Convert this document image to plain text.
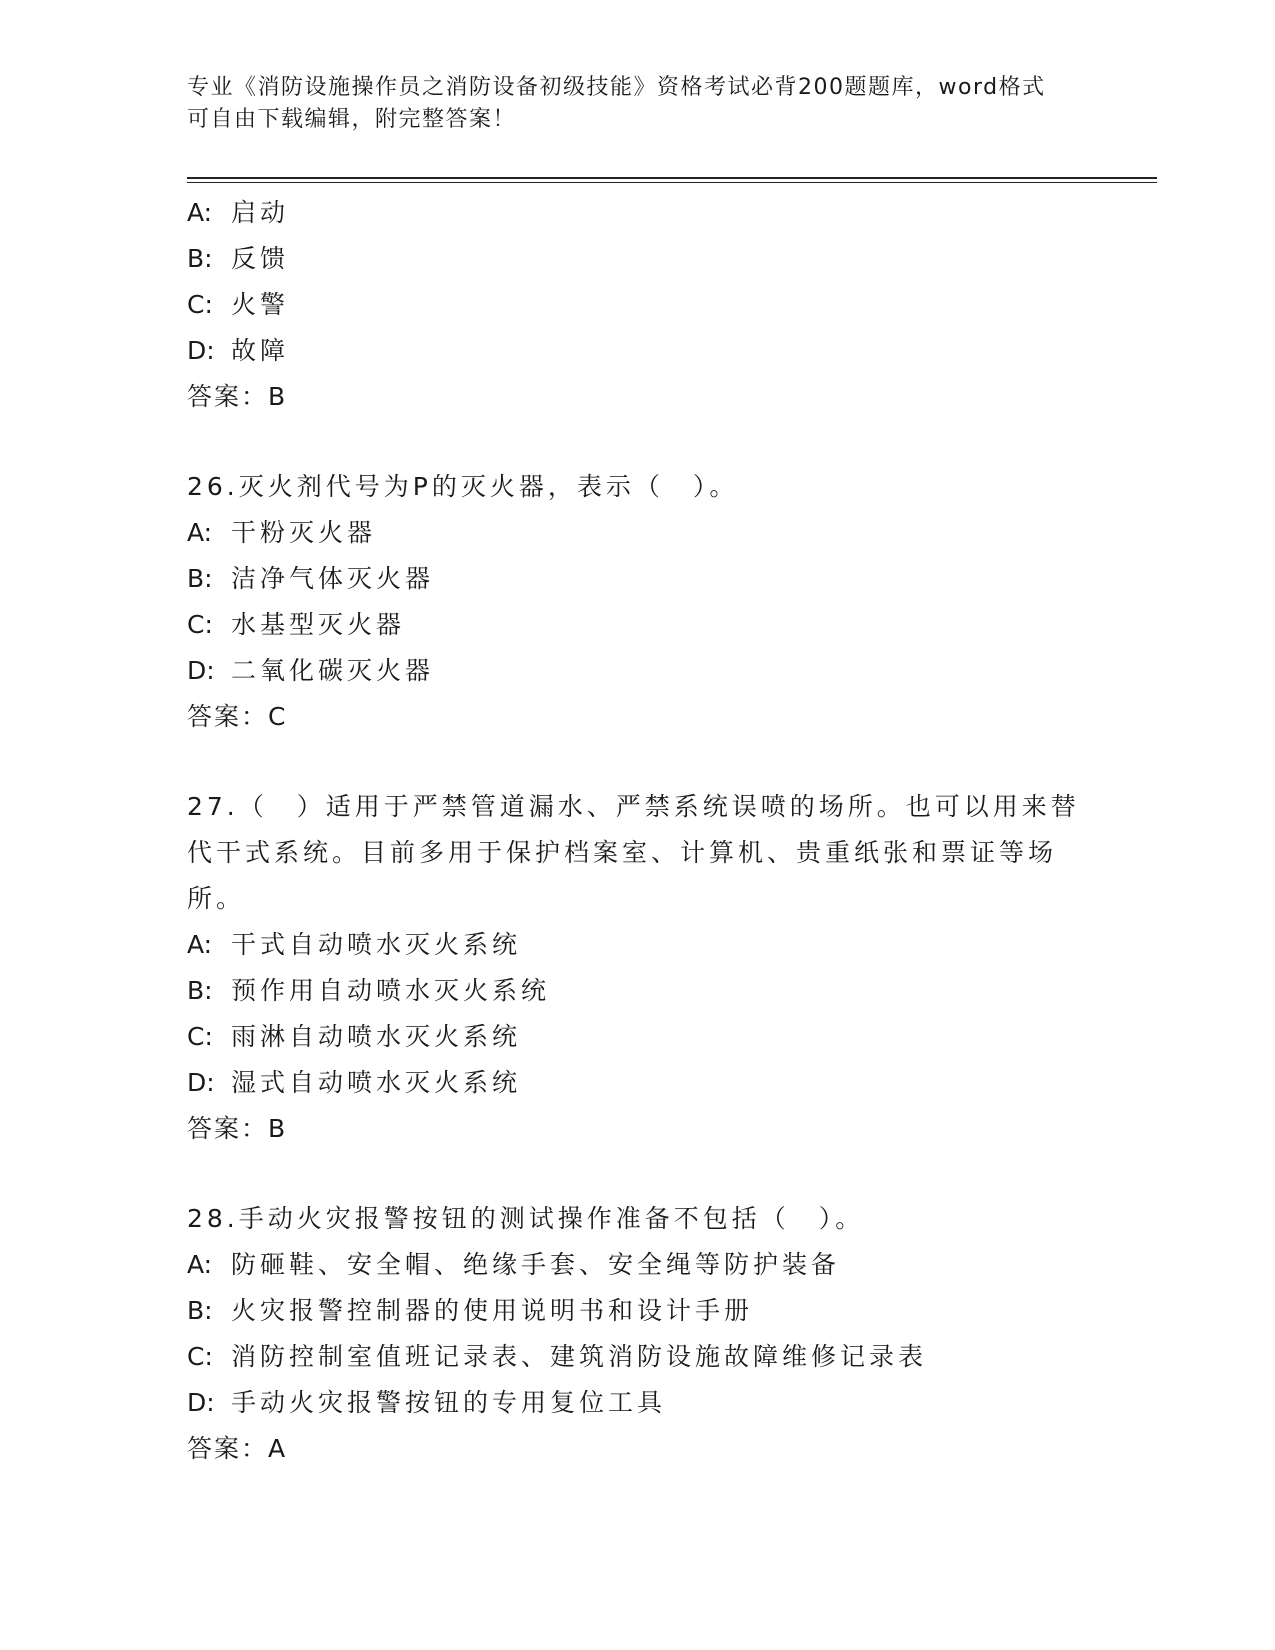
专业《消防设施操作员之消防设备初级技能》资格考试必背200题题库，word格式可自由下载编辑，附完整答案！
A: 启动
B: 反馈
C: 火警
D: 故障
答案：B
26.灭火剂代号为P的灭火器，表示（　）。
A: 干粉灭火器
B: 洁净气体灭火器
C: 水基型灭火器
D: 二氧化碳灭火器
答案：C
27.（　）适用于严禁管道漏水、严禁系统误喷的场所。也可以用来替代干式系统。目前多用于保护档案室、计算机、贵重纸张和票证等场所。
A: 干式自动喷水灭火系统
B: 预作用自动喷水灭火系统
C: 雨淋自动喷水灭火系统
D: 湿式自动喷水灭火系统
答案：B
28.手动火灾报警按钮的测试操作准备不包括（　）。
A: 防砸鞋、安全帽、绝缘手套、安全绳等防护装备
B: 火灾报警控制器的使用说明书和设计手册
C: 消防控制室值班记录表、建筑消防设施故障维修记录表
D: 手动火灾报警按钮的专用复位工具
答案：A
